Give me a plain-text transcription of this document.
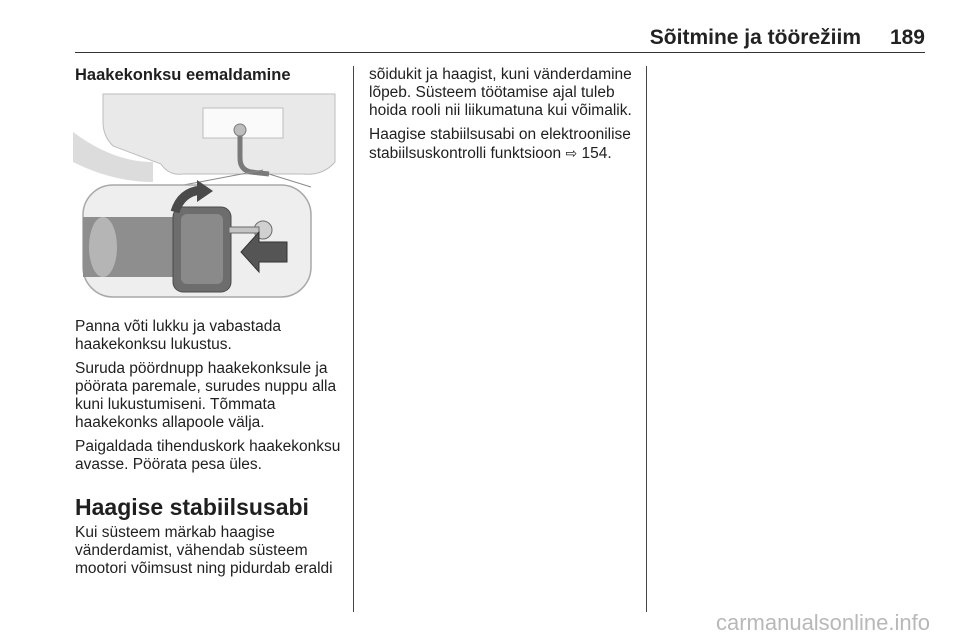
Sõitmine ja töörežiim 189
Haakekonksu eemaldamine

Panna võti lukku ja vabastada haakekonksu lukustus.

Suruda pöördnupp haakekonksule ja pöörata paremale, surudes nuppu alla kuni lukustumiseni. Tõmmata haakekonks allapoole välja.

Paigaldada tihenduskork haakekonksu avasse. Pöörata pesa üles.

Haagise stabiilsusabi

Kui süsteem märkab haagise vänderdamist, vähendab süsteem mootori võimsust ning pidurdab eraldi

sõidukit ja haagist, kuni vänderdamine lõpeb. Süsteem töötamise ajal tuleb hoida rooli nii liikumatuna kui võimalik.

Haagise stabiilsusabi on elektroonilise stabiilsuskontrolli funktsioon ⇨ 154.

carmanualsonline.info
